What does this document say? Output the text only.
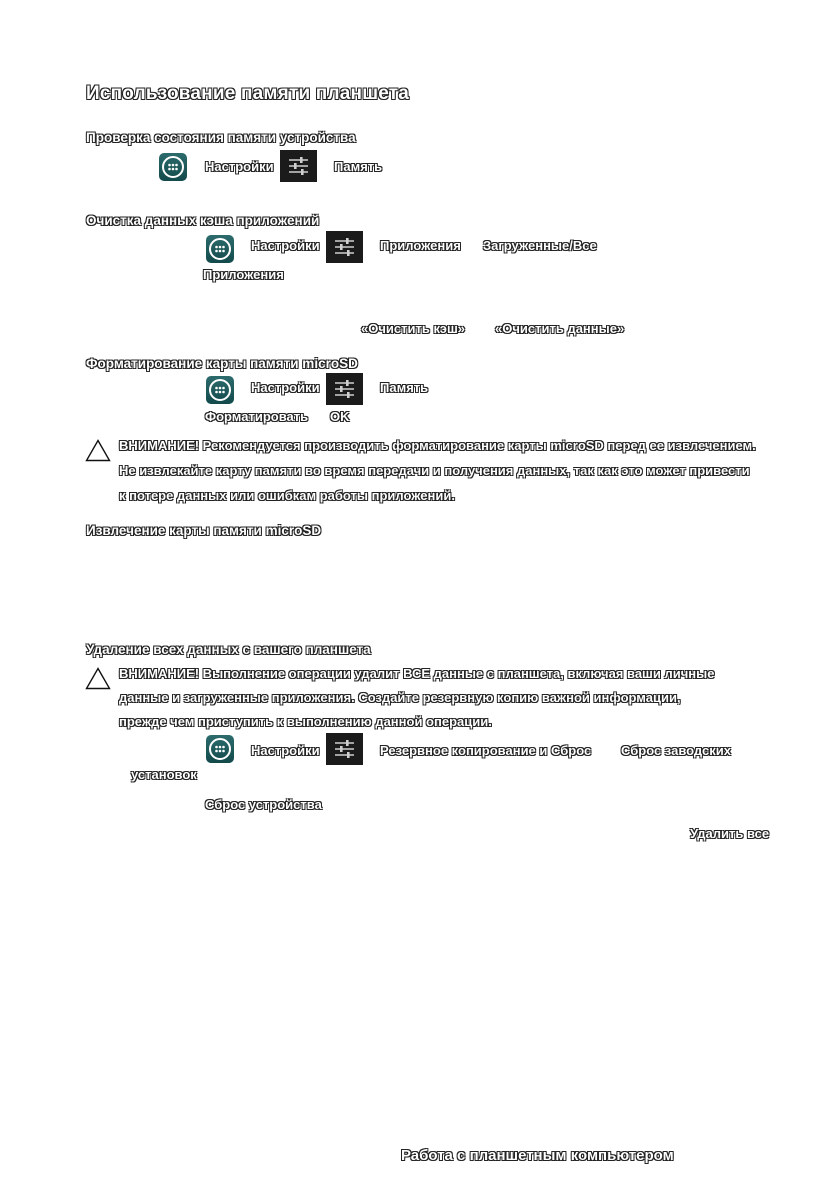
Использование памяти планшета
Проверка состояния памяти устройства
Настройки	Память
Очистка данных кэша приложений
Настройки	Приложения Загруженные/Все
Приложения
«Очистить кэш» «Очистить данные»
Форматирование карты памяти microSD
Настройки	Память
Форматировать OK
ВНИМАНИЕ! Рекомендуется производить форматирование карты microSD перед ее извлечением.
Не извлекайте карту памяти во время передачи и получения данных, так как это может привести
к потере данных или ошибкам работы приложений.
Извлечение карты памяти microSD
Удаление всех данных с вашего планшета
ВНИМАНИЕ! Выполнение операции удалит ВСЕ данные с планшета, включая ваши личные
данные и загруженные приложения. Создайте резервную копию важной информации,
прежде чем приступить к выполнению данной операции.
Настройки	Резервное копирование и Сброс Сброс заводских
установок
Сброс устройства
Удалить все
Работа с планшетным компьютером
